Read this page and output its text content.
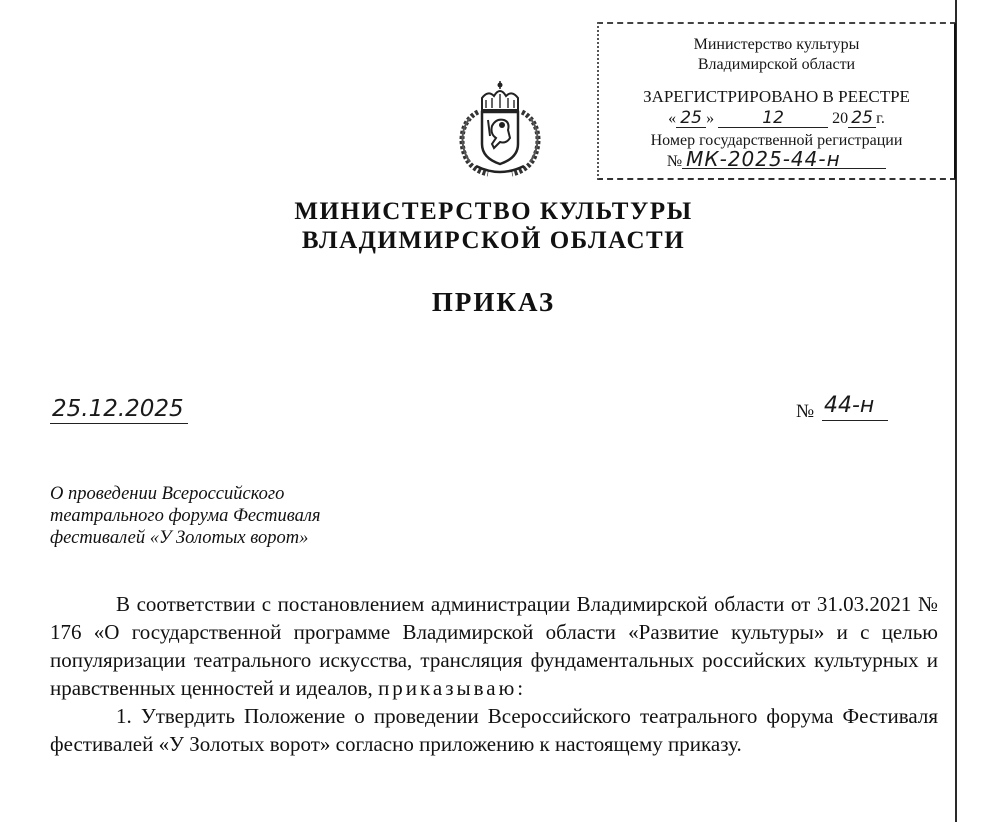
Министерство культуры
Владимирской области
ЗАРЕГИСТРИРОВАНО В РЕЕСТРЕ
« 25 »	12	20 25 г.
Номер государственной регистрации
№ МК-2025-44-н
МИНИСТЕРСТВО КУЛЬТУРЫ
ВЛАДИМИРСКОЙ ОБЛАСТИ
ПРИКАЗ
25.12.2025	№ 44-н
О проведении Всероссийского
театрального форума Фестиваля
фестивалей «У Золотых ворот»

В соответствии с постановлением администрации Владимирской области от 31.03.2021 № 176 «О государственной программе Владимирской области «Развитие культуры» и с целью популяризации театрального искусства, трансляция фундаментальных российских культурных и нравственных ценностей и идеалов, приказываю:

1. Утвердить Положение о проведении Всероссийского театрального форума Фестиваля фестивалей «У Золотых ворот» согласно приложению к настоящему приказу.
